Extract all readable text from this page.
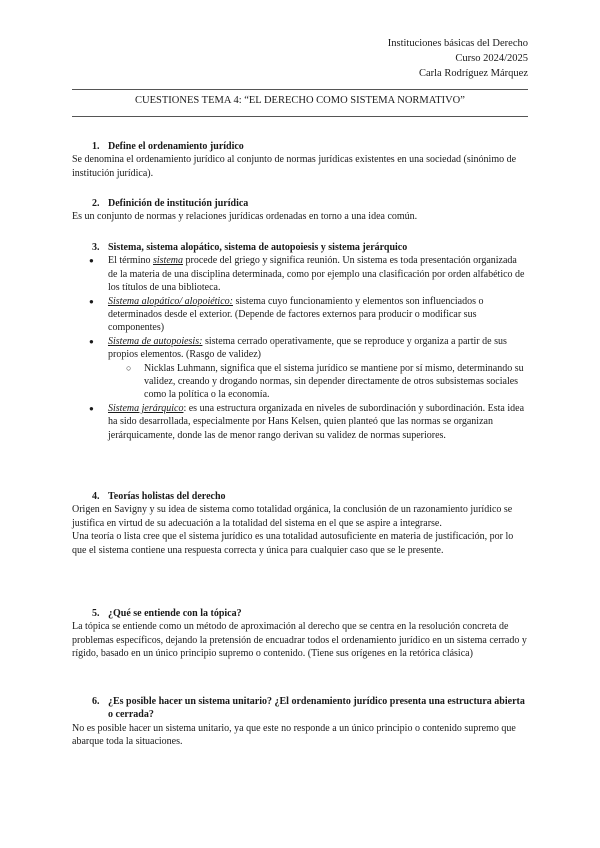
Instituciones básicas del Derecho
Curso 2024/2025
Carla Rodríguez Márquez
CUESTIONES TEMA 4: “EL DERECHO COMO SISTEMA NORMATIVO”
1. Define el ordenamiento jurídico

Se denomina el ordenamiento jurídico al conjunto de normas jurídicas existentes en una sociedad (sinónimo de institución jurídica).

2. Definición de institución jurídica

Es un conjunto de normas y relaciones jurídicas ordenadas en torno a una idea común.

3. Sistema, sistema alopático, sistema de autopoiesis y sistema jerárquico
● El término sistema procede del griego y significa reunión. Un sistema es toda presentación organizada de la materia de una disciplina determinada, como por ejemplo una clasificación por orden alfabético de los títulos de una biblioteca.
● Sistema alopático/ alopoiético: sistema cuyo funcionamiento y elementos son influenciados o determinados desde el exterior. (Depende de factores externos para producir o modificar sus componentes)
● Sistema de autopoiesis: sistema cerrado operativamente, que se reproduce y organiza a partir de sus propios elementos. (Rasgo de validez)
○ Nicklas Luhmann, significa que el sistema jurídico se mantiene por sí mismo, determinando su validez, creando y drogando normas, sin depender directamente de otros subsistemas sociales como la política o la economía.
● Sistema jerárquico: es una estructura organizada en niveles de subordinación y subordinación. Esta idea ha sido desarrollada, especialmente por Hans Kelsen, quien planteó que las normas se organizan jerárquicamente, donde las de menor rango derivan su validez de normas superiores.
4. Teorías holistas del derecho

Origen en Savigny y su idea de sistema como totalidad orgánica, la conclusión de un razonamiento jurídico se justifica en virtud de su adecuación a la totalidad del sistema en el que se aspire a integrarse.

Una teoría o lista cree que el sistema jurídico es una totalidad autosuficiente en materia de justificación, por lo que el sistema contiene una respuesta correcta y única para cualquier caso que se le presente.

5. ¿Qué se entiende con la tópica?

La tópica se entiende como un método de aproximación al derecho que se centra en la resolución concreta de problemas específicos, dejando la pretensión de encuadrar todos el ordenamiento jurídico en un sistema cerrado y rígido, basado en un único principio supremo o contenido. (Tiene sus orígenes en la retórica clásica)

6. ¿Es posible hacer un sistema unitario? ¿El ordenamiento jurídico presenta una estructura abierta o cerrada?

No es posible hacer un sistema unitario, ya que este no responde a un único principio o contenido supremo que abarque toda la situaciones.
